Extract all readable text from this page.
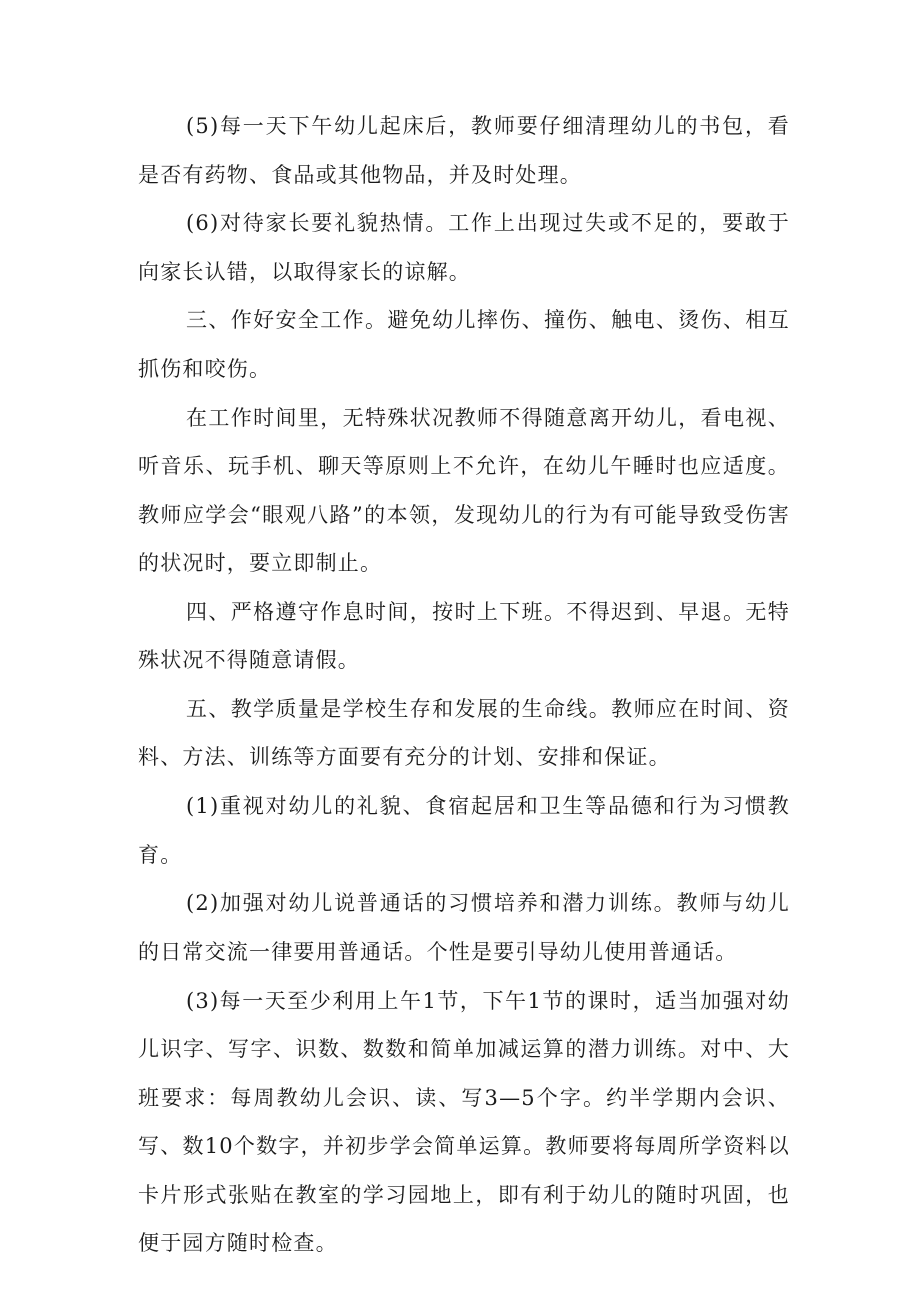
(5)每一天下午幼儿起床后，教师要仔细清理幼儿的书包，看是否有药物、食品或其他物品，并及时处理。

(6)对待家长要礼貌热情。工作上出现过失或不足的，要敢于向家长认错，以取得家长的谅解。

三、作好安全工作。避免幼儿摔伤、撞伤、触电、烫伤、相互抓伤和咬伤。

在工作时间里，无特殊状况教师不得随意离开幼儿，看电视、听音乐、玩手机、聊天等原则上不允许，在幼儿午睡时也应适度。教师应学会“眼观八路”的本领，发现幼儿的行为有可能导致受伤害的状况时，要立即制止。

四、严格遵守作息时间，按时上下班。不得迟到、早退。无特殊状况不得随意请假。

五、教学质量是学校生存和发展的生命线。教师应在时间、资料、方法、训练等方面要有充分的计划、安排和保证。

(1)重视对幼儿的礼貌、食宿起居和卫生等品德和行为习惯教育。

(2)加强对幼儿说普通话的习惯培养和潜力训练。教师与幼儿的日常交流一律要用普通话。个性是要引导幼儿使用普通话。

(3)每一天至少利用上午1节，下午1节的课时，适当加强对幼儿识字、写字、识数、数数和简单加减运算的潜力训练。对中、大班要求：每周教幼儿会识、读、写3—5个字。约半学期内会识、写、数10个数字，并初步学会简单运算。教师要将每周所学资料以卡片形式张贴在教室的学习园地上，即有利于幼儿的随时巩固，也便于园方随时检查。
